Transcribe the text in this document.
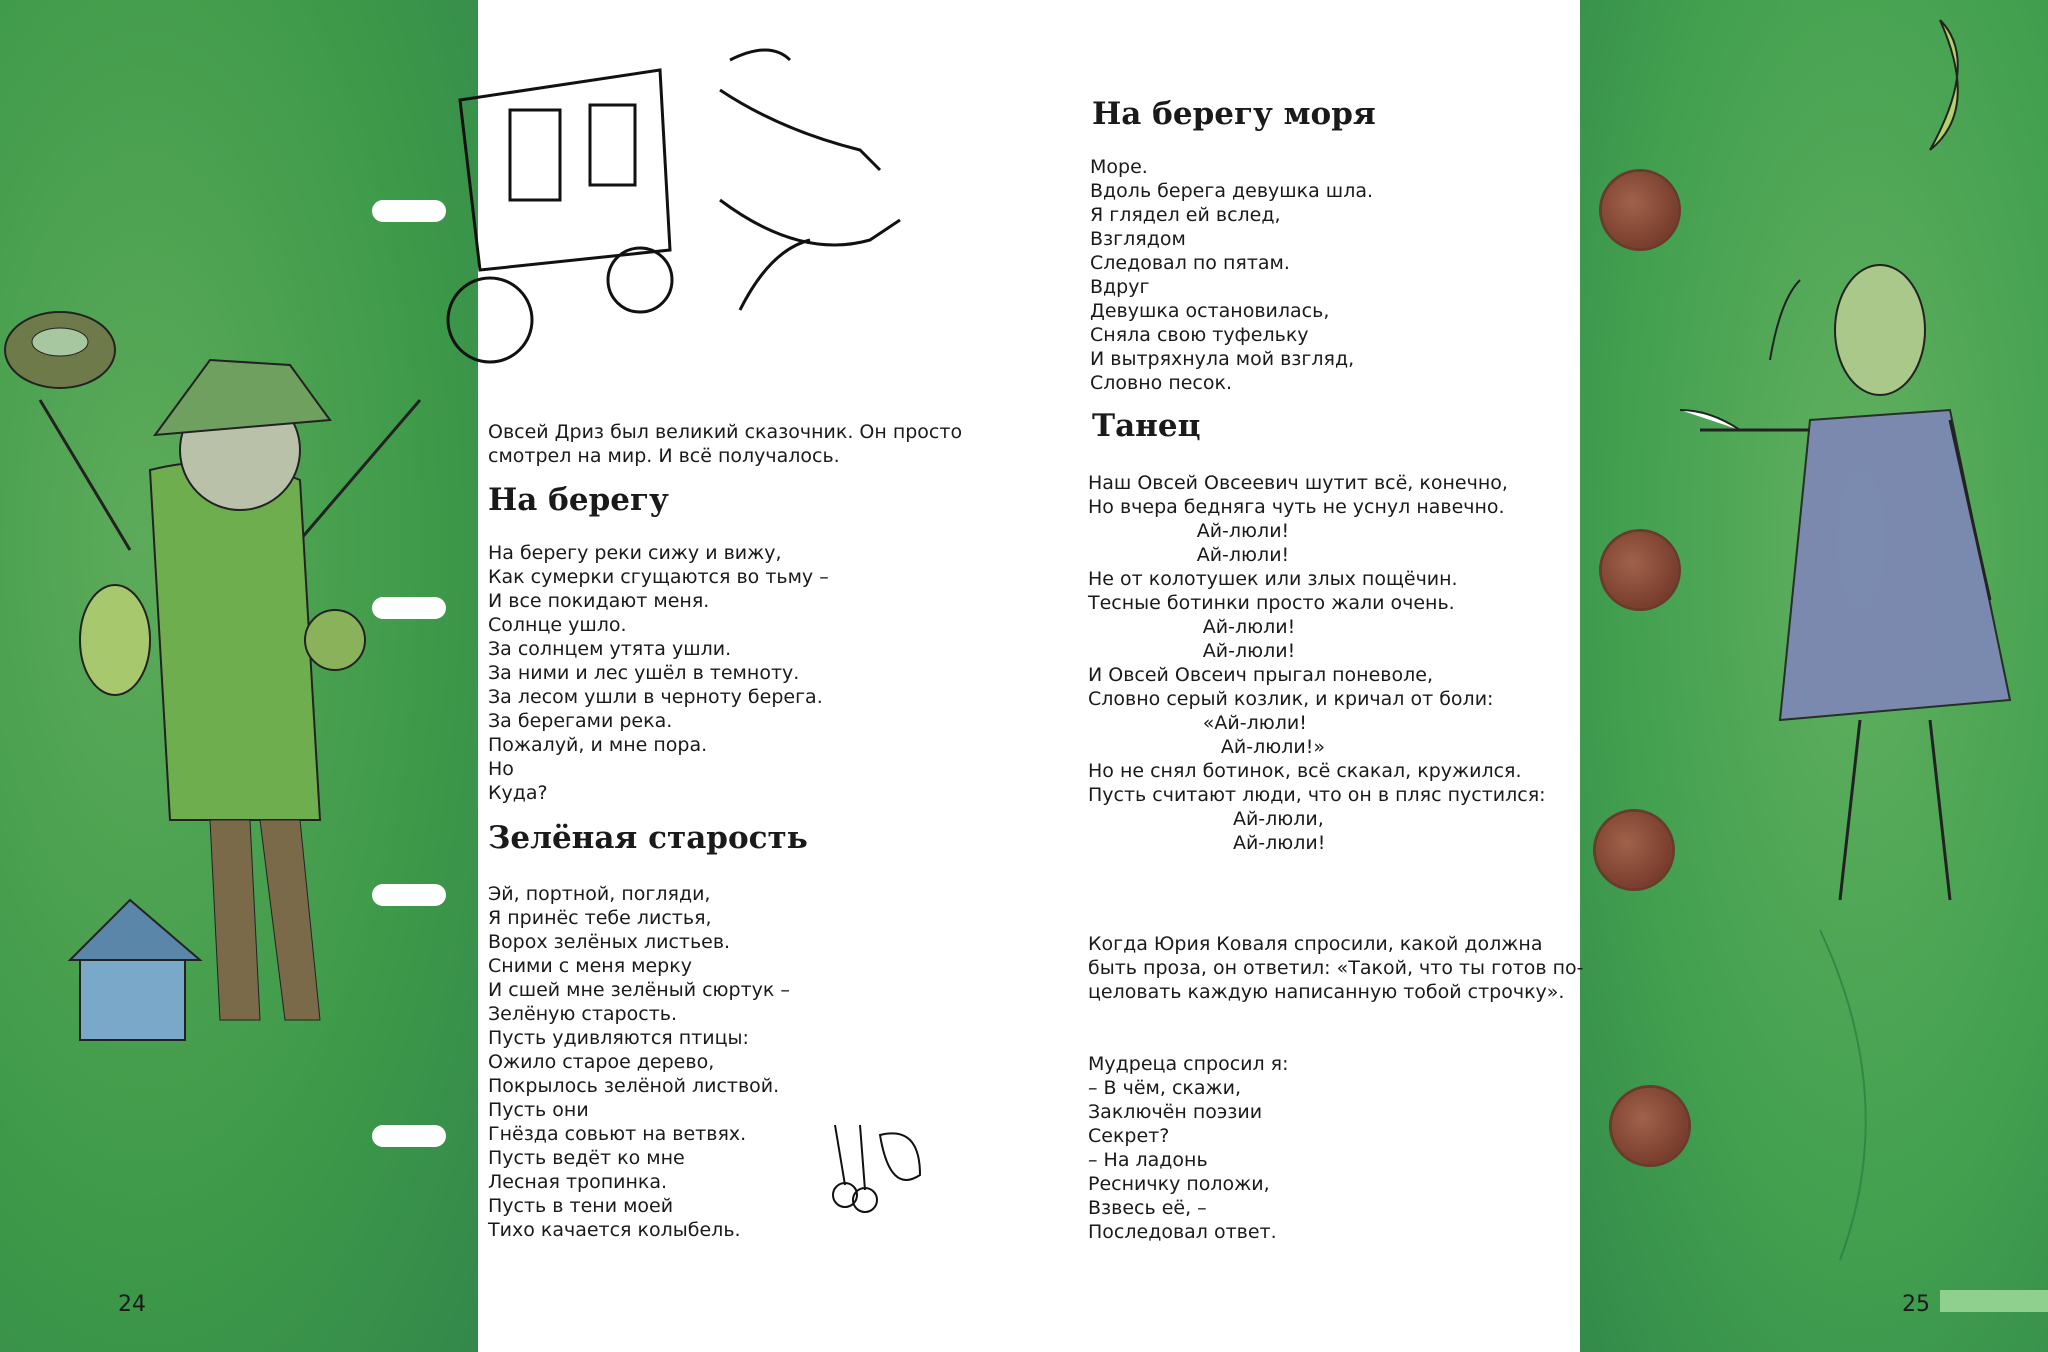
Овсей Дриз был великий сказочник. Он просто
смотрел на мир. И всё получалось.
На берегу
На берегу реки сижу и вижу,
Как сумерки сгущаются во тьму –
И все покидают меня.
Солнце ушло.
За солнцем утята ушли.
За ними и лес ушёл в темноту.
За лесом ушли в черноту берега.
За берегами река.
Пожалуй, и мне пора.
Но
Куда?
Зелёная старость
Эй, портной, погляди,
Я принёс тебе листья,
Ворох зелёных листьев.
Сними с меня мерку
И сшей мне зелёный сюртук –
Зелёную старость.
Пусть удивляются птицы:
Ожило старое дерево,
Покрылось зелёной листвой.
Пусть они
Гнёзда совьют на ветвях.
Пусть ведёт ко мне
Лесная тропинка.
Пусть в тени моей
Тихо качается колыбель.
На берегу моря
Море.
Вдоль берега девушка шла.
Я глядел ей вслед,
Взглядом
Следовал по пятам.
Вдруг
Девушка остановилась,
Сняла свою туфельку
И вытряхнула мой взгляд,
Словно песок.
Танец
Наш Овсей Овсеевич шутит всё, конечно,
Но вчера бедняга чуть не уснул навечно.
Ай-люли!
Ай-люли!
Не от колотушек или злых пощёчин.
Тесные ботинки просто жали очень.
Ай-люли!
Ай-люли!
И Овсей Овсеич прыгал поневоле,
Словно серый козлик, и кричал от боли:
«Ай-люли!
Ай-люли!»
Но не снял ботинок, всё скакал, кружился.
Пусть считают люди, что он в пляс пустился:
Ай-люли,
Ай-люли!
Когда Юрия Коваля спросили, какой должна
быть проза, он ответил: «Такой, что ты готов по-
целовать каждую написанную тобой строчку».
Мудреца спросил я:
– В чём, скажи,
Заключён поэзии
Секрет?
– На ладонь
Ресничку положи,
Взвесь её, –
Последовал ответ.
24	25
